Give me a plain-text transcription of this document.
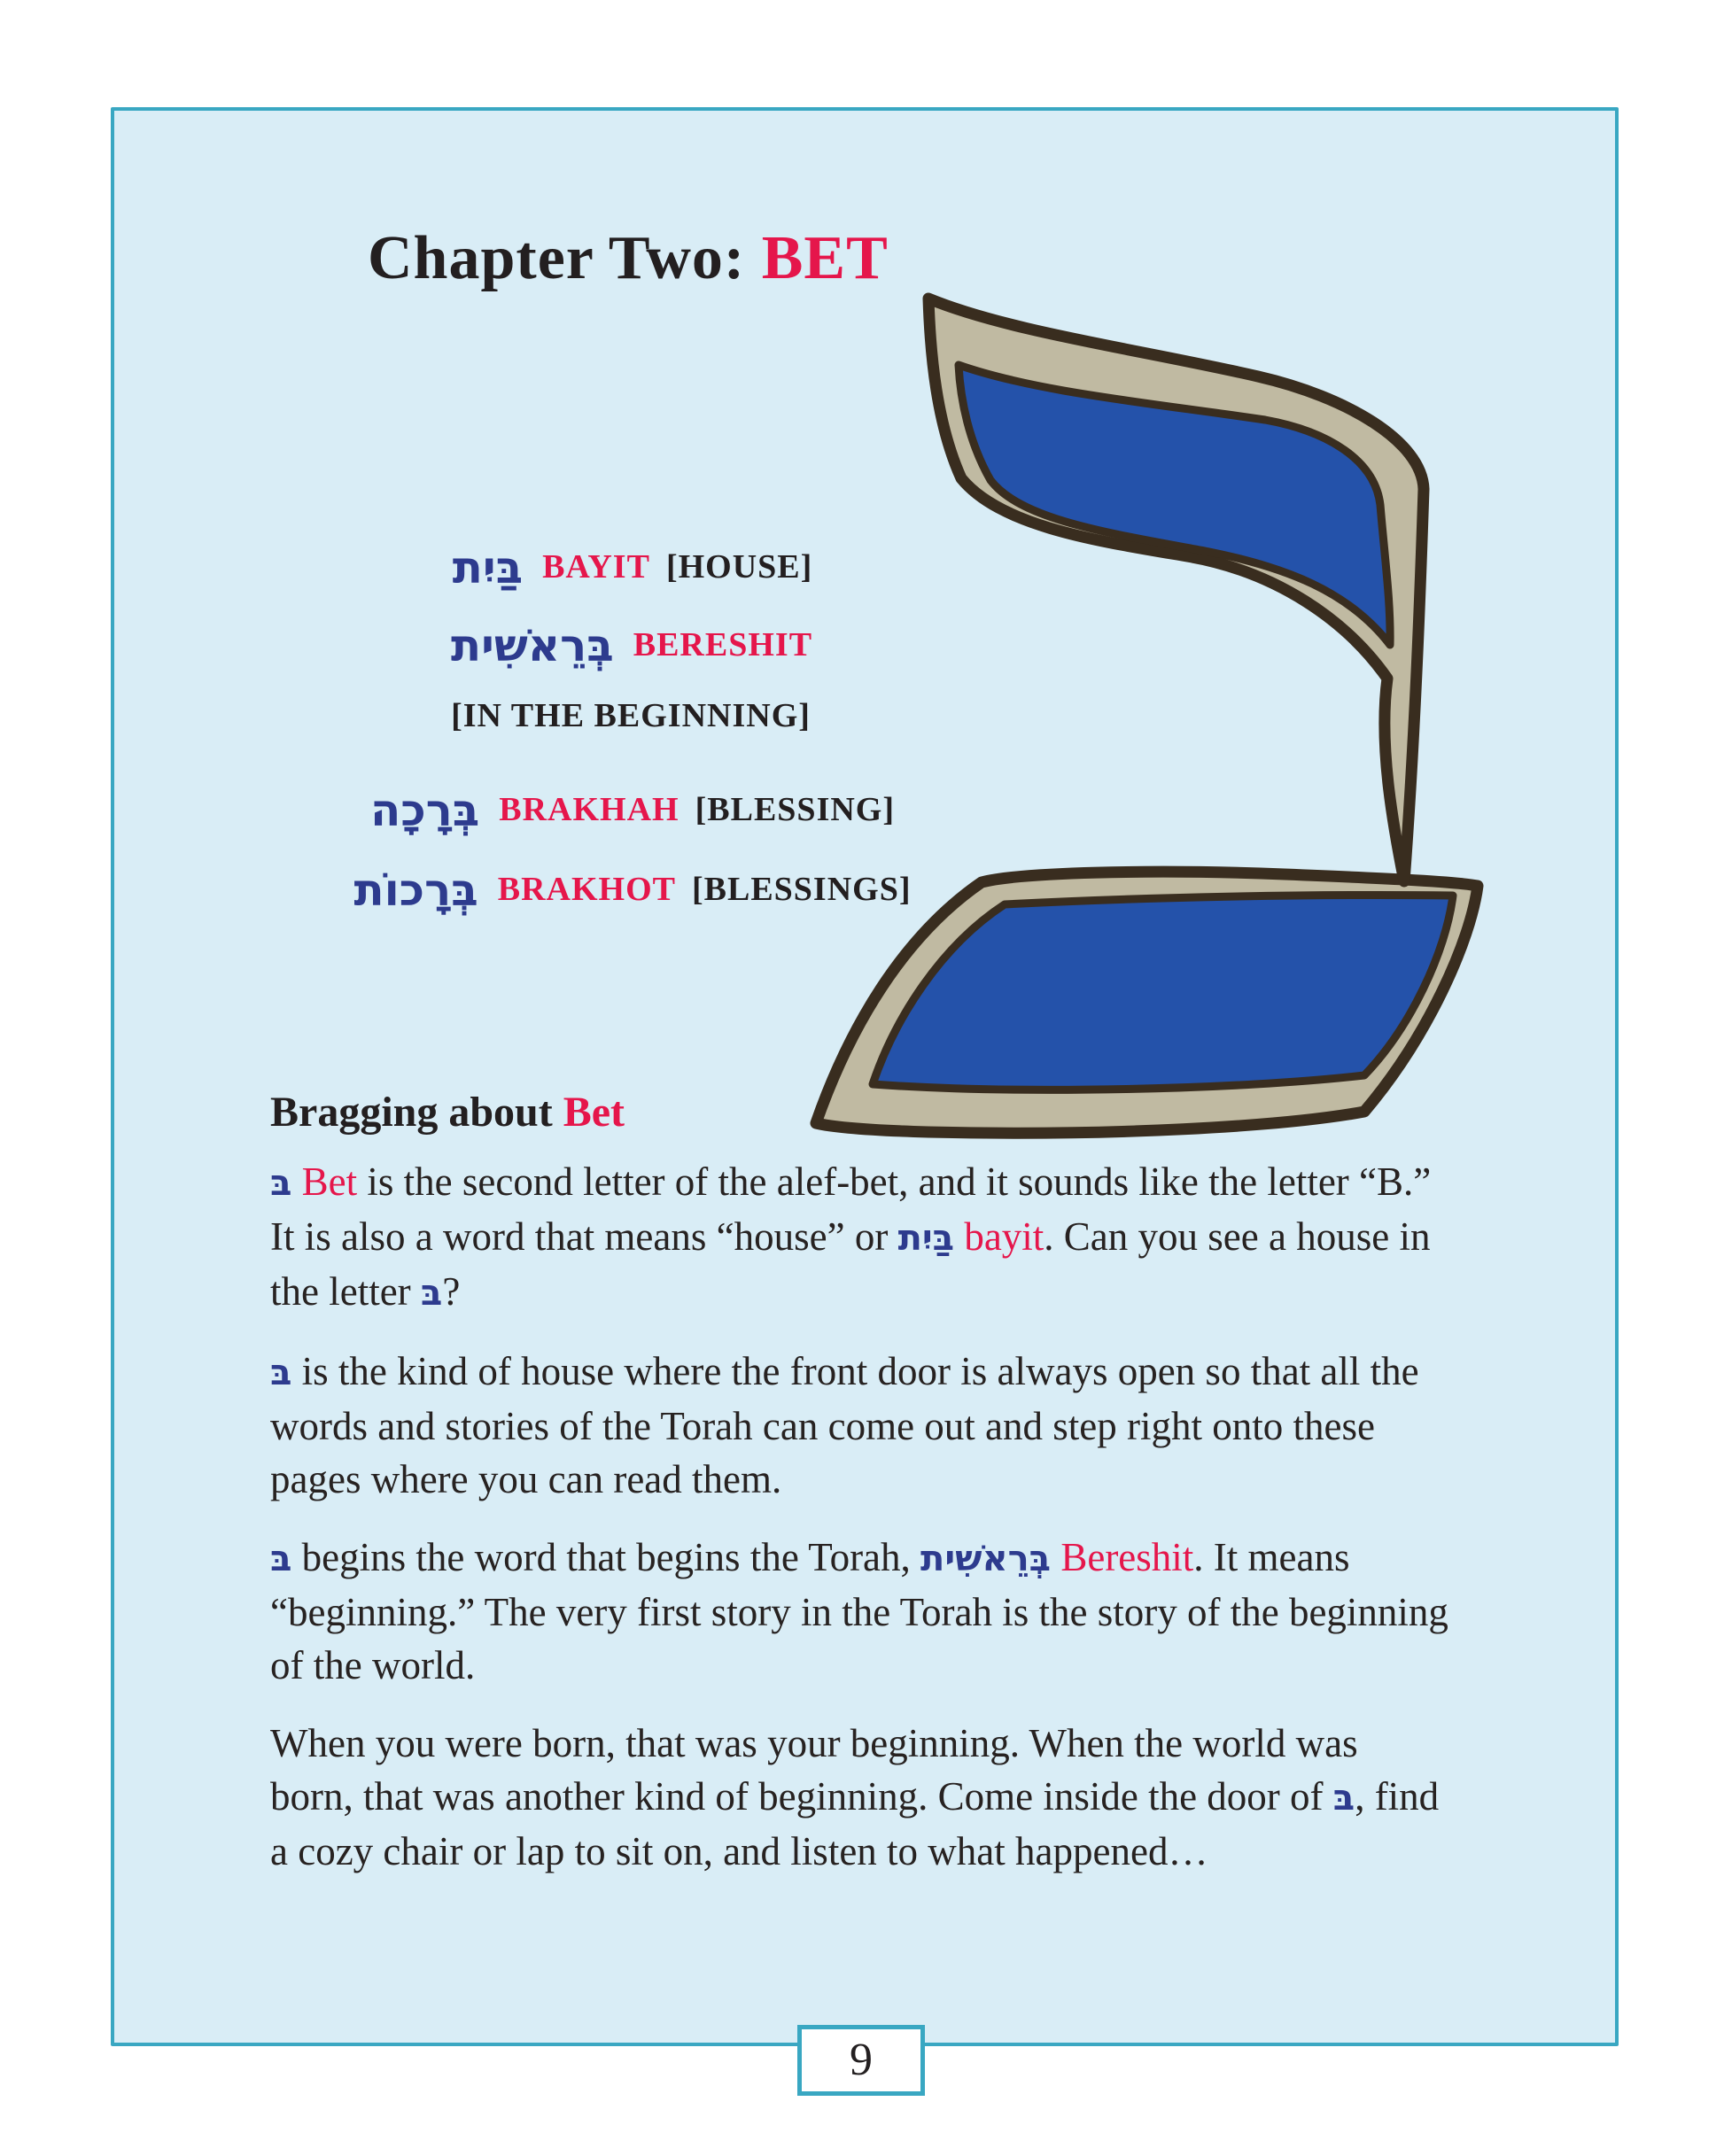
Chapter Two: BET
בַּיִת BAYIT [HOUSE]
בְּרֵאשִׁית BERESHIT
[IN THE BEGINNING]
בְּרָכָה BRAKHAH [BLESSING]
בְּרָכוֹת BRAKHOT [BLESSINGS]
Bragging about Bet

בּ Bet is the second letter of the alef-bet, and it sounds like the letter “B.” It is also a word that means “house” or בַּיִת bayit. Can you see a house in the letter בּ?

בּ is the kind of house where the front door is always open so that all the words and stories of the Torah can come out and step right onto these pages where you can read them.

בּ begins the word that begins the Torah, בְּרֵאשִׁית Bereshit. It means “beginning.” The very first story in the Torah is the story of the beginning of the world.

When you were born, that was your beginning. When the world was born, that was another kind of beginning. Come inside the door of בּ, find a cozy chair or lap to sit on, and listen to what happened…

9
